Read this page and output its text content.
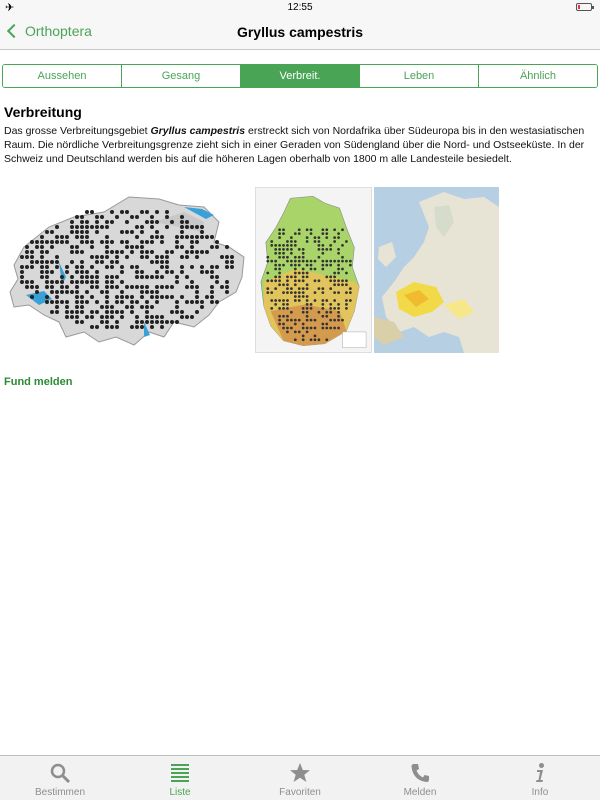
✈	12:55
Orthoptera	Gryllus campestris
Aussehen	Gesang	Verbreit.	Leben	Ähnlich
Verbreitung

Das grosse Verbreitungsgebiet Gryllus campestris erstreckt sich von Nordafrika über Südeuropa bis in den westasiatischen Raum. Die nördliche Verbreitungsgrenze zieht sich in einer Geraden von Südengland über die Nord- und Ostseeküste. In der Schweiz und Deutschland werden bis auf die höheren Lagen oberhalb von 1800 m alle Landesteile besiedelt.

Fund melden
Bestimmen	Liste	Favoriten	Melden	Info
